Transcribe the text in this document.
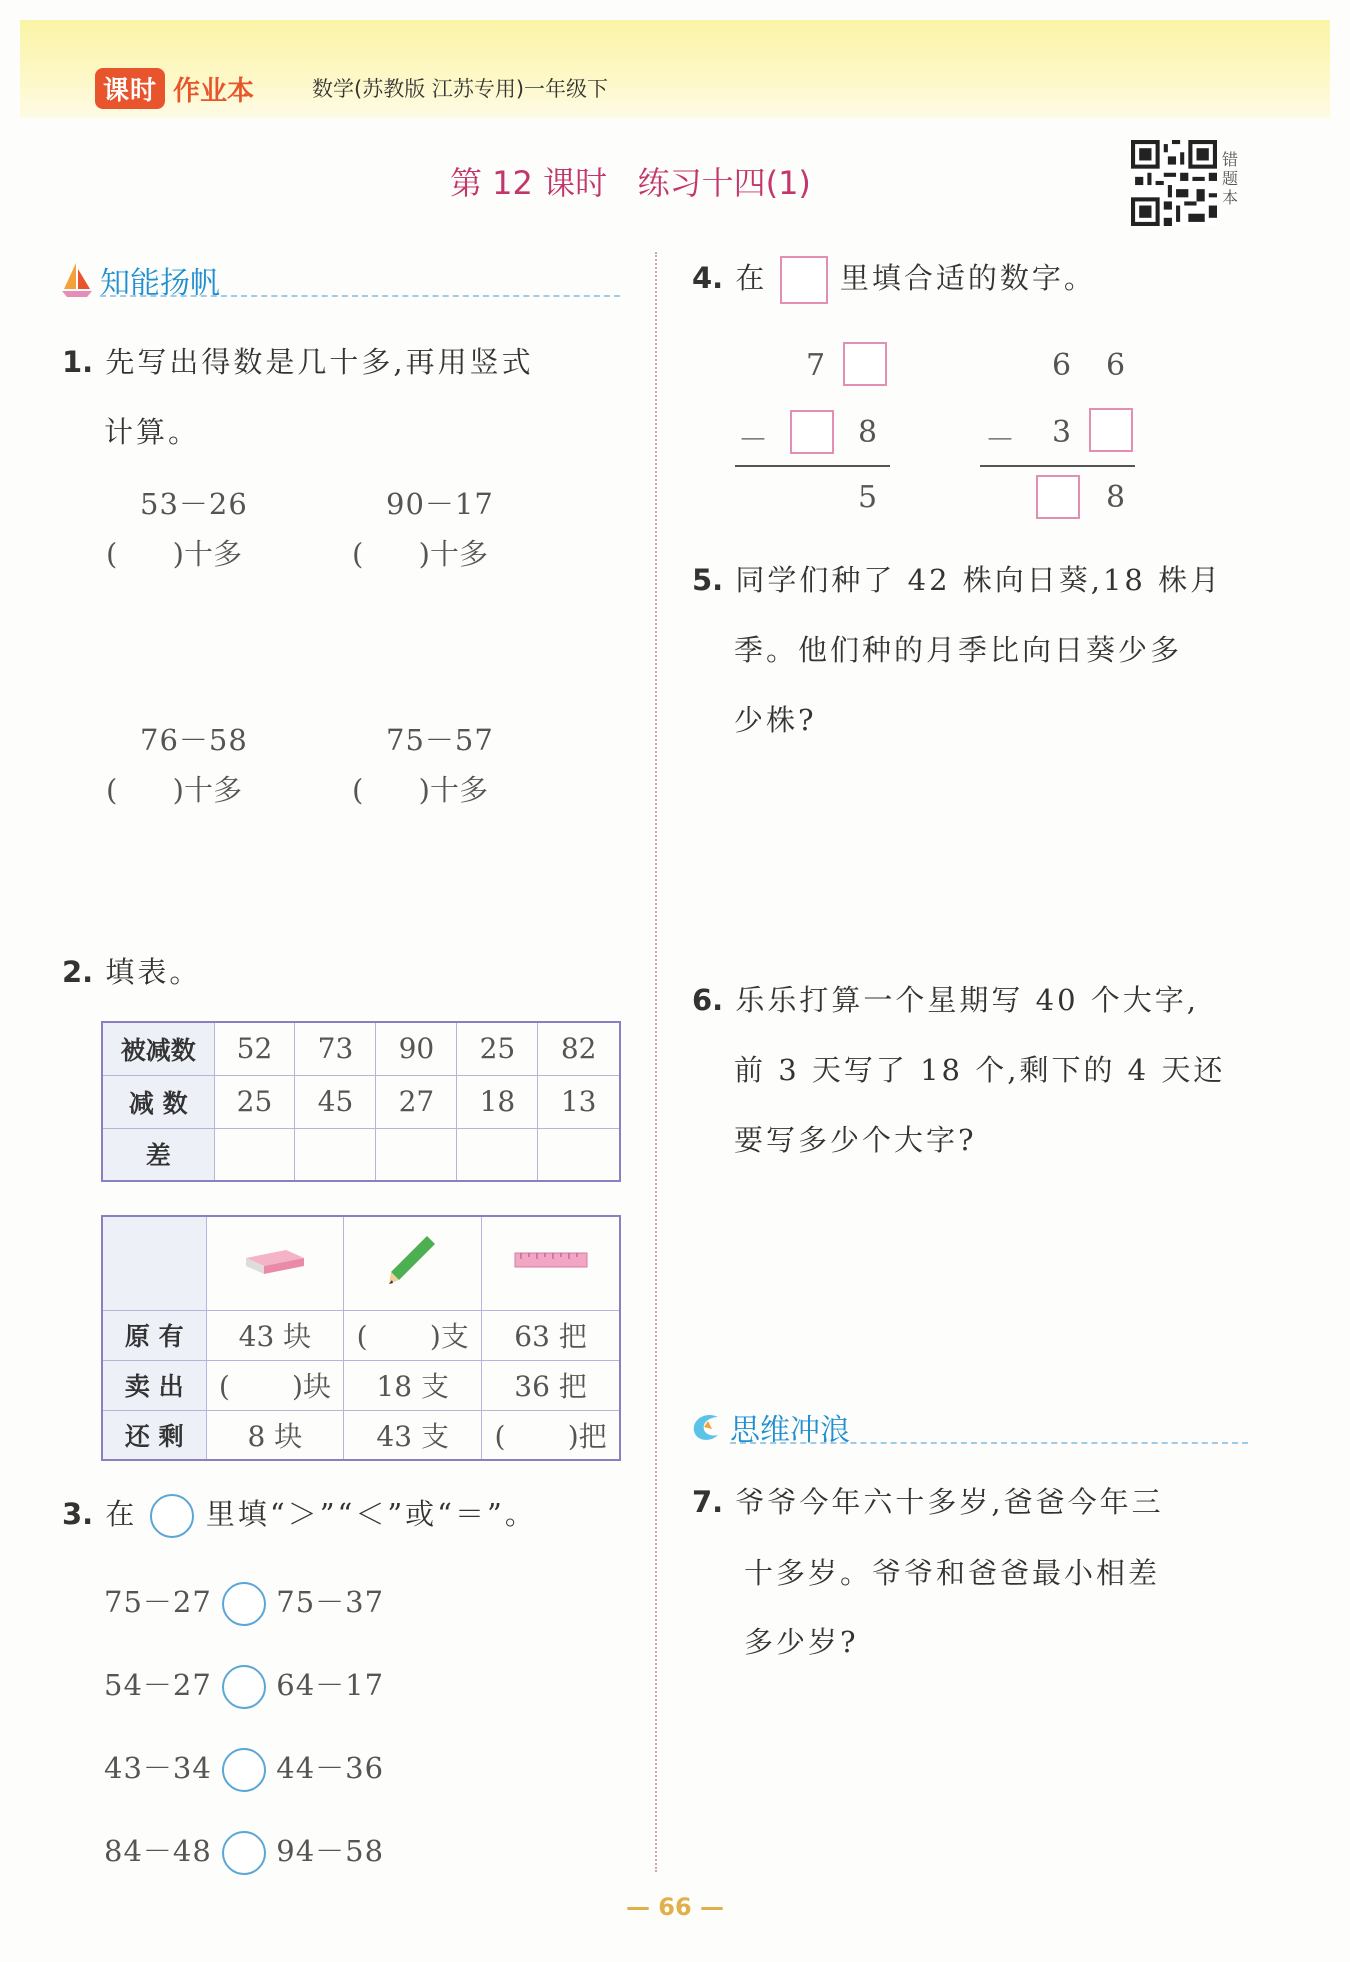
课时 作业本	数学(苏教版 江苏专用)一年级下
第 12 课时   练习十四(1)
错题本
知能扬帆
1. 先写出得数是几十多,再用竖式
计算。
53－26
(      )十多
90－17
(      )十多
76－58
(      )十多
75－57
(      )十多
2. 填表。
被减数	52	73	90	25	82
减 数	25	45	27	18	13
差					

原 有	43 块	(       )支	63 把
卖 出	(       )块	18 支	36 把
还 剩	8 块	43 支	(       )把
3. 在 里填“＞”“＜”或“＝”。
75－27 75－37
54－27 64－17
43－34 44－36
84－48 94－58
4. 在 里填合适的数字。
7
－	8
5
6 6
－ 3
8
5. 同学们种了 42 株向日葵,18 株月
季。他们种的月季比向日葵少多
少株?
6. 乐乐打算一个星期写 40 个大字,
前 3 天写了 18 个,剩下的 4 天还
要写多少个大字?
思维冲浪
7. 爷爷今年六十多岁,爸爸今年三
十多岁。爷爷和爸爸最小相差
多少岁?
— 66 —
